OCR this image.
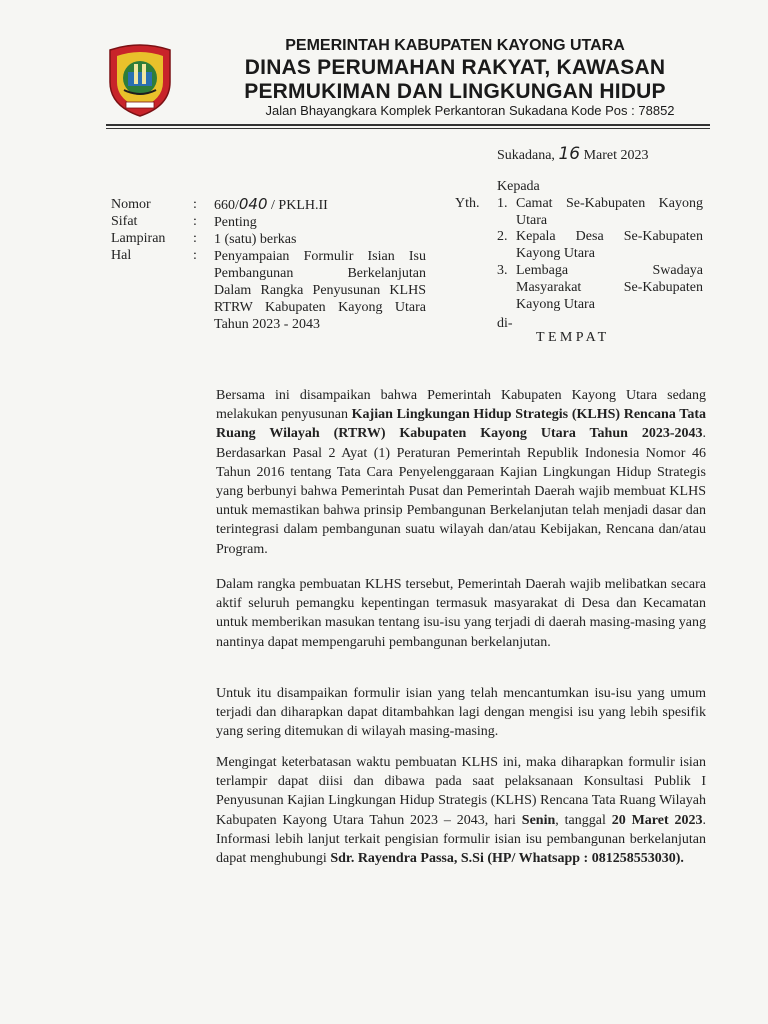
PEMERINTAH KABUPATEN KAYONG UTARA
DINAS PERUMAHAN RAKYAT, KAWASAN
PERMUKIMAN DAN LINGKUNGAN HIDUP
Jalan Bhayangkara Komplek Perkantoran Sukadana Kode Pos : 78852
Sukadana, 16 Maret 2023
Nomor
Sifat
Lampiran
Hal
:
:
:
:
660/040 / PKLH.II
Penting
1 (satu) berkas
Penyampaian Formulir Isian Isu
Pembangunan Berkelanjutan
Dalam Rangka Penyusunan KLHS
RTRW Kabupaten Kayong Utara
Tahun 2023 - 2043
Kepada
Yth. 1. Camat Se-Kabupaten Kayong
Utara
2. Kepala Desa Se-Kabupaten
Kayong Utara
3. Lembaga Swadaya
Masyarakat Se-Kabupaten
Kayong Utara
di-
TEMPAT
Bersama ini disampaikan bahwa Pemerintah Kabupaten Kayong Utara sedang melakukan penyusunan Kajian Lingkungan Hidup Strategis (KLHS) Rencana Tata Ruang Wilayah (RTRW) Kabupaten Kayong Utara Tahun 2023-2043. Berdasarkan Pasal 2 Ayat (1) Peraturan Pemerintah Republik Indonesia Nomor 46 Tahun 2016 tentang Tata Cara Penyelenggaraan Kajian Lingkungan Hidup Strategis yang berbunyi bahwa Pemerintah Pusat dan Pemerintah Daerah wajib membuat KLHS untuk memastikan bahwa prinsip Pembangunan Berkelanjutan telah menjadi dasar dan terintegrasi dalam pembangunan suatu wilayah dan/atau Kebijakan, Rencana dan/atau Program.
Dalam rangka pembuatan KLHS tersebut, Pemerintah Daerah wajib melibatkan secara aktif seluruh pemangku kepentingan termasuk masyarakat di Desa dan Kecamatan untuk memberikan masukan tentang isu-isu yang terjadi di daerah masing-masing yang nantinya dapat mempengaruhi pembangunan berkelanjutan.
Untuk itu disampaikan formulir isian yang telah mencantumkan isu-isu yang umum terjadi dan diharapkan dapat ditambahkan lagi dengan mengisi isu yang lebih spesifik yang sering ditemukan di wilayah masing-masing.
Mengingat keterbatasan waktu pembuatan KLHS ini, maka diharapkan formulir isian terlampir dapat diisi dan dibawa pada saat pelaksanaan Konsultasi Publik I Penyusunan Kajian Lingkungan Hidup Strategis (KLHS) Rencana Tata Ruang Wilayah Kabupaten Kayong Utara Tahun 2023 – 2043, hari Senin, tanggal 20 Maret 2023. Informasi lebih lanjut terkait pengisian formulir isian isu pembangunan berkelanjutan dapat menghubungi Sdr. Rayendra Passa, S.Si (HP/ Whatsapp : 081258553030).
